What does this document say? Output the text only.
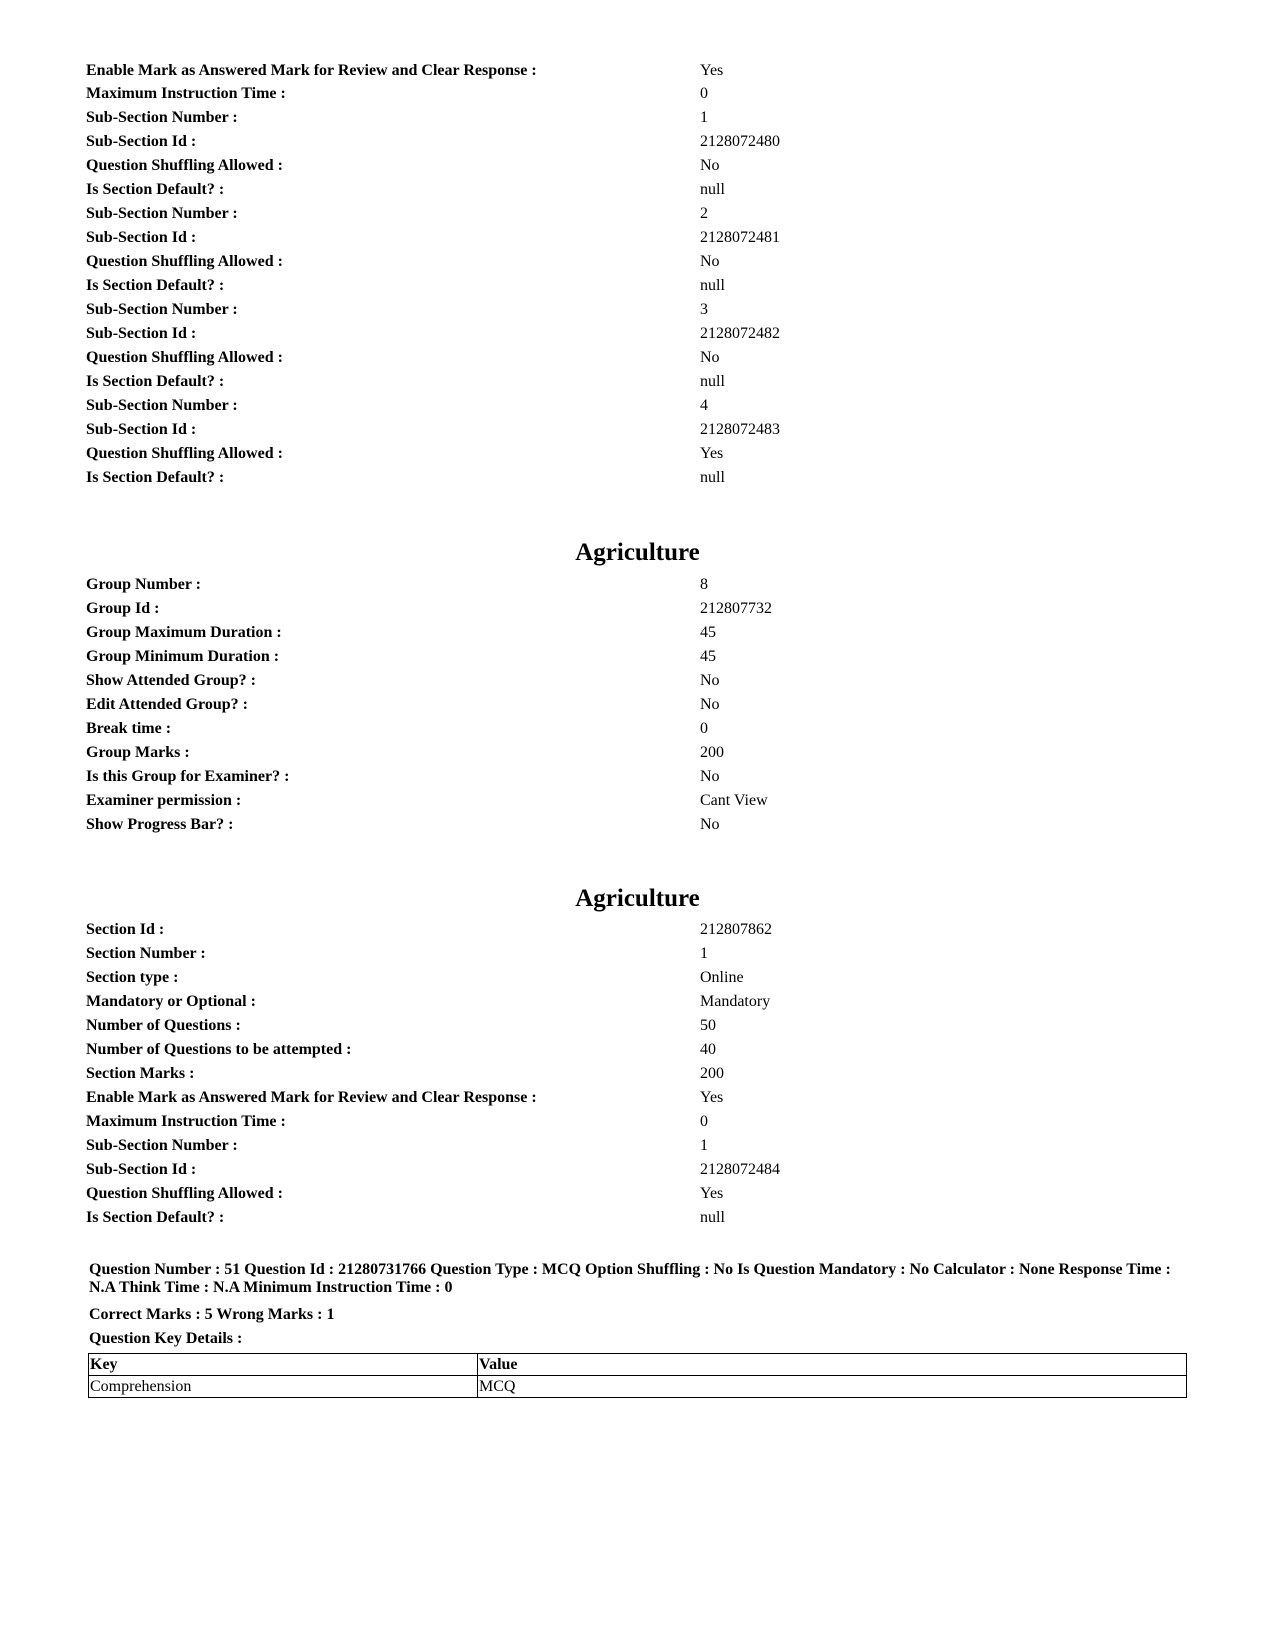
Enable Mark as Answered Mark for Review and Clear Response :	Yes
Maximum Instruction Time :	0
Sub-Section Number :	1
Sub-Section Id :	2128072480
Question Shuffling Allowed :	No
Is Section Default? :	null
Sub-Section Number :	2
Sub-Section Id :	2128072481
Question Shuffling Allowed :	No
Is Section Default? :	null
Sub-Section Number :	3
Sub-Section Id :	2128072482
Question Shuffling Allowed :	No
Is Section Default? :	null
Sub-Section Number :	4
Sub-Section Id :	2128072483
Question Shuffling Allowed :	Yes
Is Section Default? :	null
Agriculture
Group Number :	8
Group Id :	212807732
Group Maximum Duration :	45
Group Minimum Duration :	45
Show Attended Group? :	No
Edit Attended Group? :	No
Break time :	0
Group Marks :	200
Is this Group for Examiner? :	No
Examiner permission :	Cant View
Show Progress Bar? :	No
Agriculture
Section Id :	212807862
Section Number :	1
Section type :	Online
Mandatory or Optional :	Mandatory
Number of Questions :	50
Number of Questions to be attempted :	40
Section Marks :	200
Enable Mark as Answered Mark for Review and Clear Response :	Yes
Maximum Instruction Time :	0
Sub-Section Number :	1
Sub-Section Id :	2128072484
Question Shuffling Allowed :	Yes
Is Section Default? :	null
Question Number : 51 Question Id : 21280731766 Question Type : MCQ Option Shuffling : No Is Question Mandatory : No Calculator : None Response Time : N.A Think Time : N.A Minimum Instruction Time : 0
Correct Marks : 5 Wrong Marks : 1
Question Key Details :
Key	Value
Comprehension	MCQ
